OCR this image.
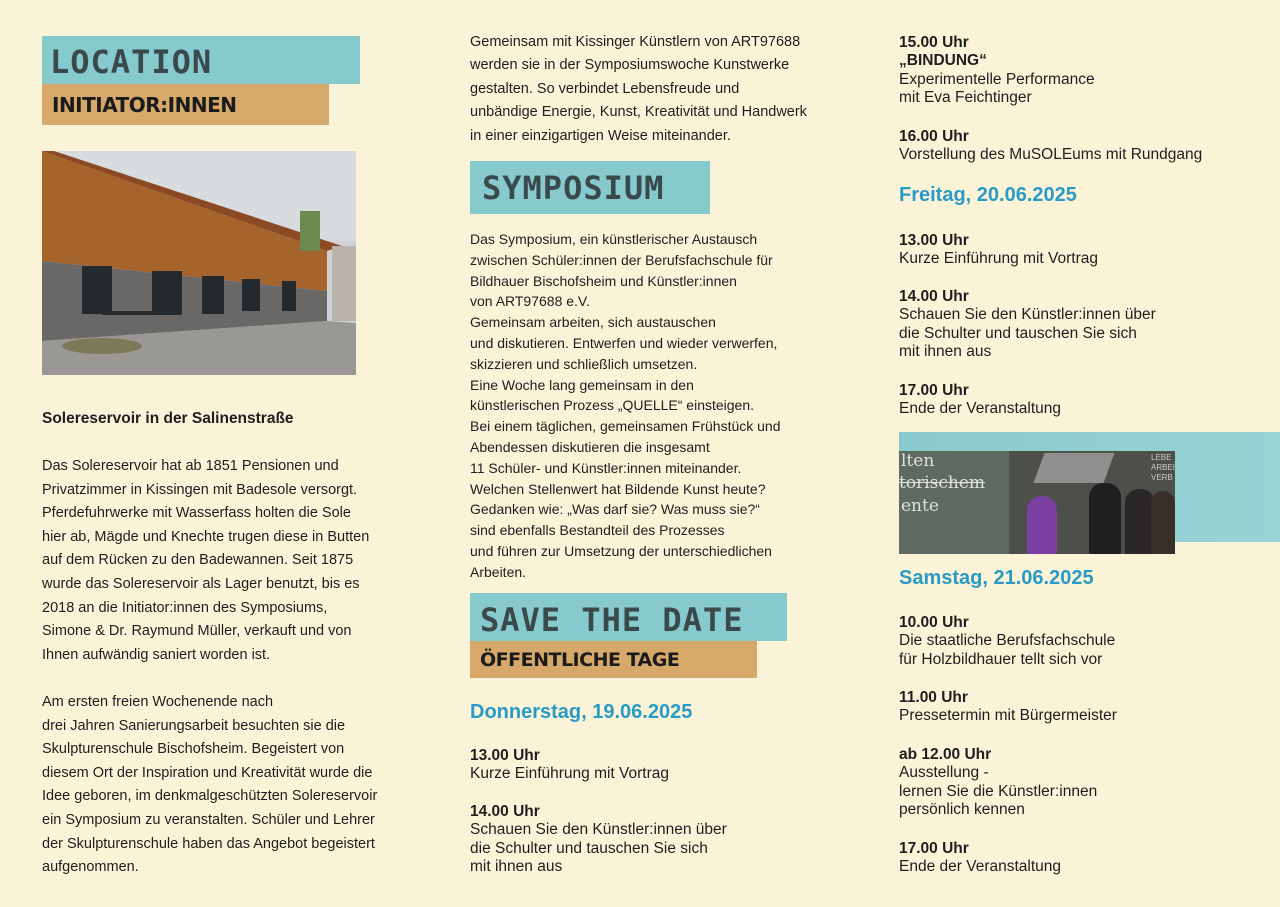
LOCATION
INITIATOR:INNEN
Solereservoir in der Salinenstraße

Das Solereservoir hat ab 1851 Pensionen und

Privatzimmer in Kissingen mit Badesole versorgt.

Pferdefuhrwerke mit Wasserfass holten die Sole

hier ab, Mägde und Knechte trugen diese in Butten

auf dem Rücken zu den Badewannen. Seit 1875

wurde das Solereservoir als Lager benutzt, bis es

2018 an die Initiator:innen des Symposiums,

Simone & Dr. Raymund Müller, verkauft und von

Ihnen aufwändig saniert worden ist.

Am ersten freien Wochenende nach

drei Jahren Sanierungsarbeit besuchten sie die

Skulpturenschule Bischofsheim. Begeistert von

diesem Ort der Inspiration und Kreativität wurde die

Idee geboren, im denkmalgeschützten Solereservoir

ein Symposium zu veranstalten. Schüler und Lehrer

der Skulpturenschule haben das Angebot begeistert

aufgenommen.

Gemeinsam mit Kissinger Künstlern von ART97688

werden sie in der Symposiumswoche Kunstwerke

gestalten. So verbindet Lebensfreude und

unbändige Energie, Kunst, Kreativität und Handwerk

in einer einzigartigen Weise miteinander.

SYMPOSIUM

Das Symposium, ein künstlerischer Austausch

zwischen Schüler:innen der Berufsfachschule für

Bildhauer Bischofsheim und Künstler:innen

von ART97688 e.V.

Gemeinsam arbeiten, sich austauschen

und diskutieren. Entwerfen und wieder verwerfen,

skizzieren und schließlich umsetzen.

Eine Woche lang gemeinsam in den

künstlerischen Prozess „QUELLE“ einsteigen.

Bei einem täglichen, gemeinsamen Frühstück und

Abendessen diskutieren die insgesamt

11 Schüler- und Künstler:innen miteinander.

Welchen Stellenwert hat Bildende Kunst heute?

Gedanken wie: „Was darf sie? Was muss sie?“

sind ebenfalls Bestandteil des Prozesses

und führen zur Umsetzung der unterschiedlichen

Arbeiten.

SAVE THE DATE
ÖFFENTLICHE TAGE
Donnerstag, 19.06.2025
13.00 Uhr
Kurze Einführung mit Vortrag
14.00 Uhr
Schauen Sie den Künstler:innen über
die Schulter und tauschen Sie sich
mit ihnen aus
15.00 Uhr
„BINDUNG“
Experimentelle Performance
mit Eva Feichtinger
16.00 Uhr
Vorstellung des MuSOLEums mit Rundgang
Freitag, 20.06.2025
13.00 Uhr
Kurze Einführung mit Vortrag
14.00 Uhr
Schauen Sie den Künstler:innen über
die Schulter und tauschen Sie sich
mit ihnen aus
17.00 Uhr
Ende der Veranstaltung
lten
torischem
ente
LEBE
ARBEI
VERB
Samstag, 21.06.2025
10.00 Uhr
Die staatliche Berufsfachschule
für Holzbildhauer tellt sich vor
11.00 Uhr
Pressetermin mit Bürgermeister
ab 12.00 Uhr
Ausstellung -
lernen Sie die Künstler:innen
persönlich kennen
17.00 Uhr
Ende der Veranstaltung
